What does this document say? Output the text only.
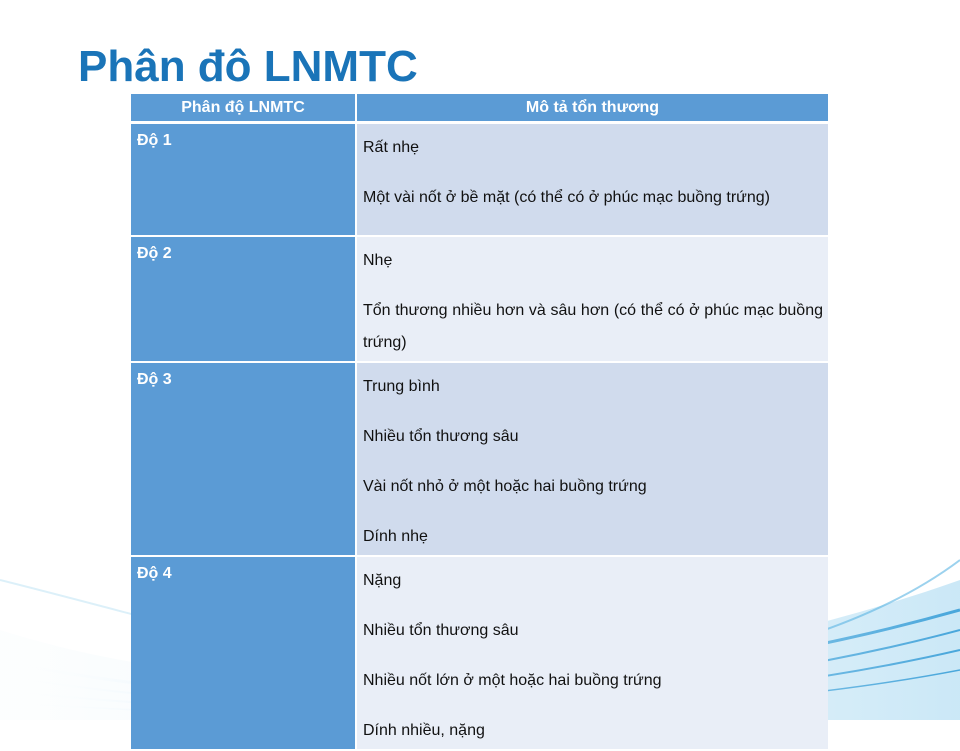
Phân đô LNMTC
Phân độ LNMTC	Mô tả tổn thương
Độ 1	Rất nhẹ
Một vài nốt ở bề mặt (có thể có ở phúc mạc buồng trứng)

Độ 2	Nhẹ
Tổn thương nhiều hơn và sâu hơn (có thể có ở phúc mạc buồng trứng)

Độ 3	Trung bình
Nhiều tổn thương sâu
Vài nốt nhỏ ở một hoặc hai buồng trứng
Dính nhẹ

Độ 4	Nặng
Nhiều tổn thương sâu
Nhiều nốt lớn ở một hoặc hai buồng trứng
Dính nhiều, nặng
